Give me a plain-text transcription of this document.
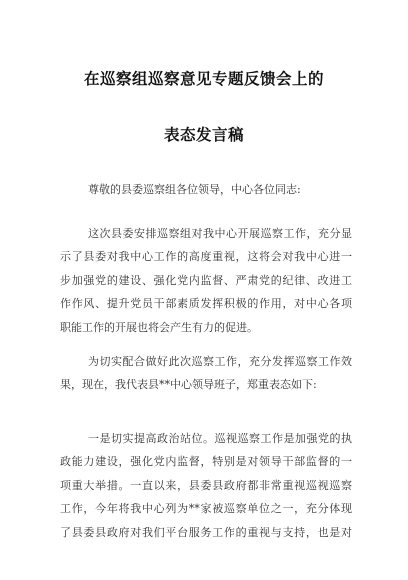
在巡察组巡察意见专题反馈会上的
表态发言稿
尊敬的县委巡察组各位领导，中心各位同志:
这次县委安排巡察组对我中心开展巡察工作，充分显
示了县委对我中心工作的高度重视，这将会对我中心进一
步加强党的建设、强化党内监督、严肃党的纪律、改进工
作作风、提升党员干部素质发挥积极的作用，对中心各项
职能工作的开展也将会产生有力的促进。
为切实配合做好此次巡察工作，充分发挥巡察工作效
果，现在，我代表县**中心领导班子，郑重表态如下:
一是切实提高政治站位。巡视巡察工作是加强党的执
政能力建设，强化党内监督，特别是对领导干部监督的一
项重大举措。一直以来，县委县政府都非常重视巡视巡察
工作，今年将我中心列为**家被巡察单位之一，充分体现
了县委县政府对我们平台服务工作的重视与支持，也是对
